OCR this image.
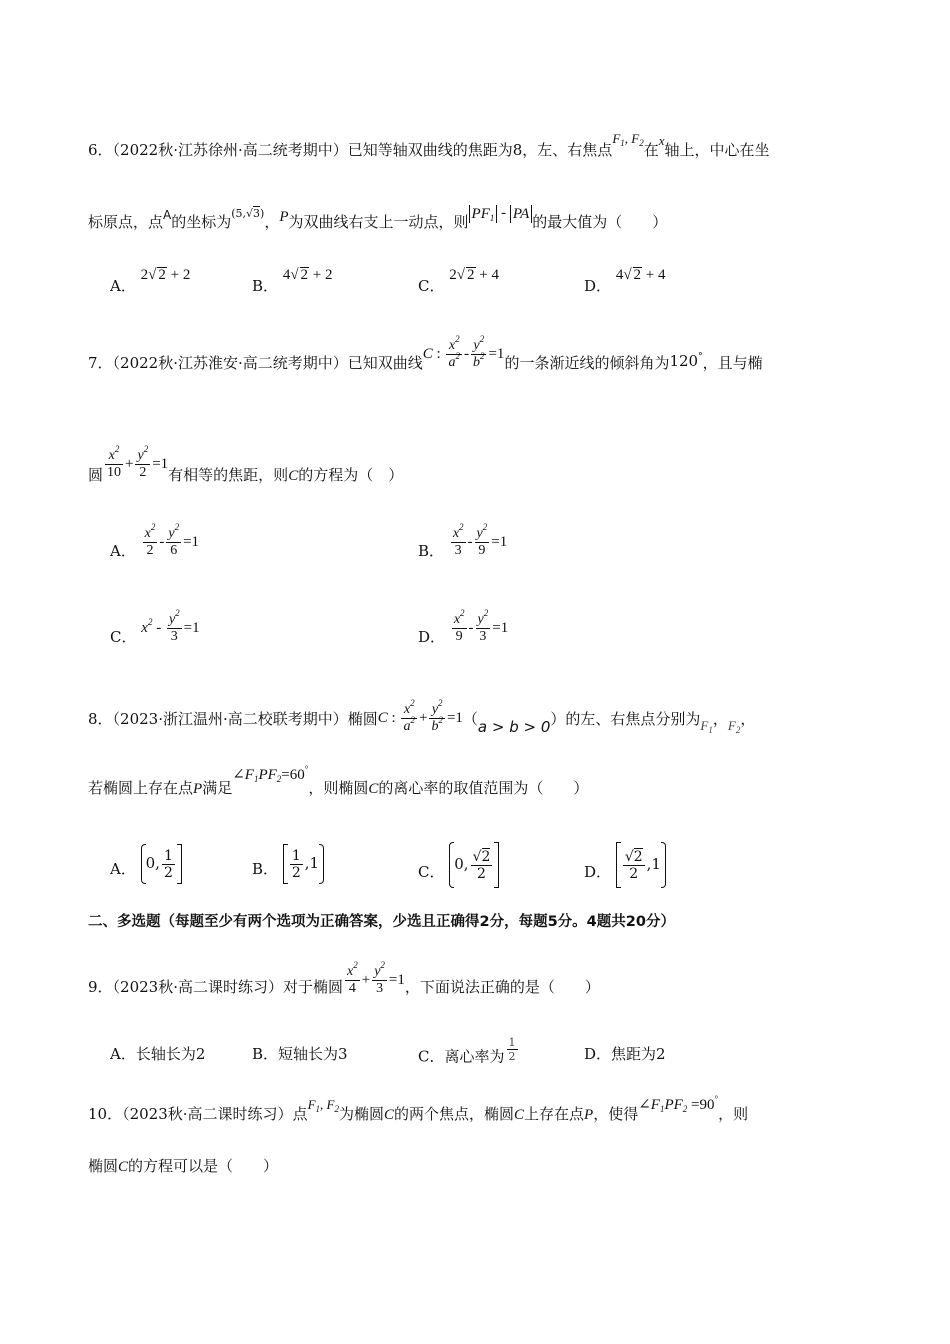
6．（2022秋·江苏徐州·高二统考期中）已知等轴双曲线的焦距为8，左、右焦点$F_1$, $F_2$在x轴上，中心在坐
标原点，点$^A$的坐标为$^{(5,√3)}$，P为双曲线右支上一动点，则 $PF_1$ - PA 的最大值为（　　）
A． 2√ 2 + 2
B． 4√ 2 + 2
C． 2√ 2 + 4
D． 4√ 2 + 4
7．（2022秋·江苏淮安·高二统考期中）已知双曲线C : $\frac{x^2}{a^2} - \frac{y^2}{b^2} =1$的一条渐近线的倾斜角为120°，且与椭
圆 $\frac{x^2}{10} + \frac{y^2}{2} =1$有相等的焦距，则C的方程为（　）
A． $\frac{x^2}{2} - \frac{y^2}{6} =1$	B． $\frac{x^2}{3} - \frac{y^2}{9} =1$
C． $x^2 - \frac{y^2}{3} =1$	D． $\frac{x^2}{9} - \frac{y^2}{3} =1$
8．（2023·浙江温州·高二校联考期中）椭圆C : $\frac{x^2}{a^2} + \frac{y^2}{b^2} =1(a > b > 0)$的左、右焦点分别为$F_1$，$F_2$，
若椭圆上存在点P满足$\angle F_1PF_2=60^\circ$，则椭圆C的离心率的取值范围为（　　）
A． 0, $\frac{1}{2}$	B． $\frac{1}{2} ,1$	C． 0, $\frac{√2}{2}$	D． $\frac{√2}{2} ,1$
二、多选题（每题至少有两个选项为正确答案，少选且正确得2分，每题5分。4题共20分）
9．（2023秋·高二课时练习）对于椭圆 $\frac{x^2}{4} + \frac{y^2}{3} =1$，下面说法正确的是（　　）
A．长轴长为2	B．短轴长为3	C．离心率为 $\frac{1}{2}$	D．焦距为2
10．（2023秋·高二课时练习）点$F_1$, $F_2$为椭圆C的两个焦点，椭圆C上存在点P，使得$\angle F_1PF_2 =90^\circ$，则
椭圆C的方程可以是（　　）
